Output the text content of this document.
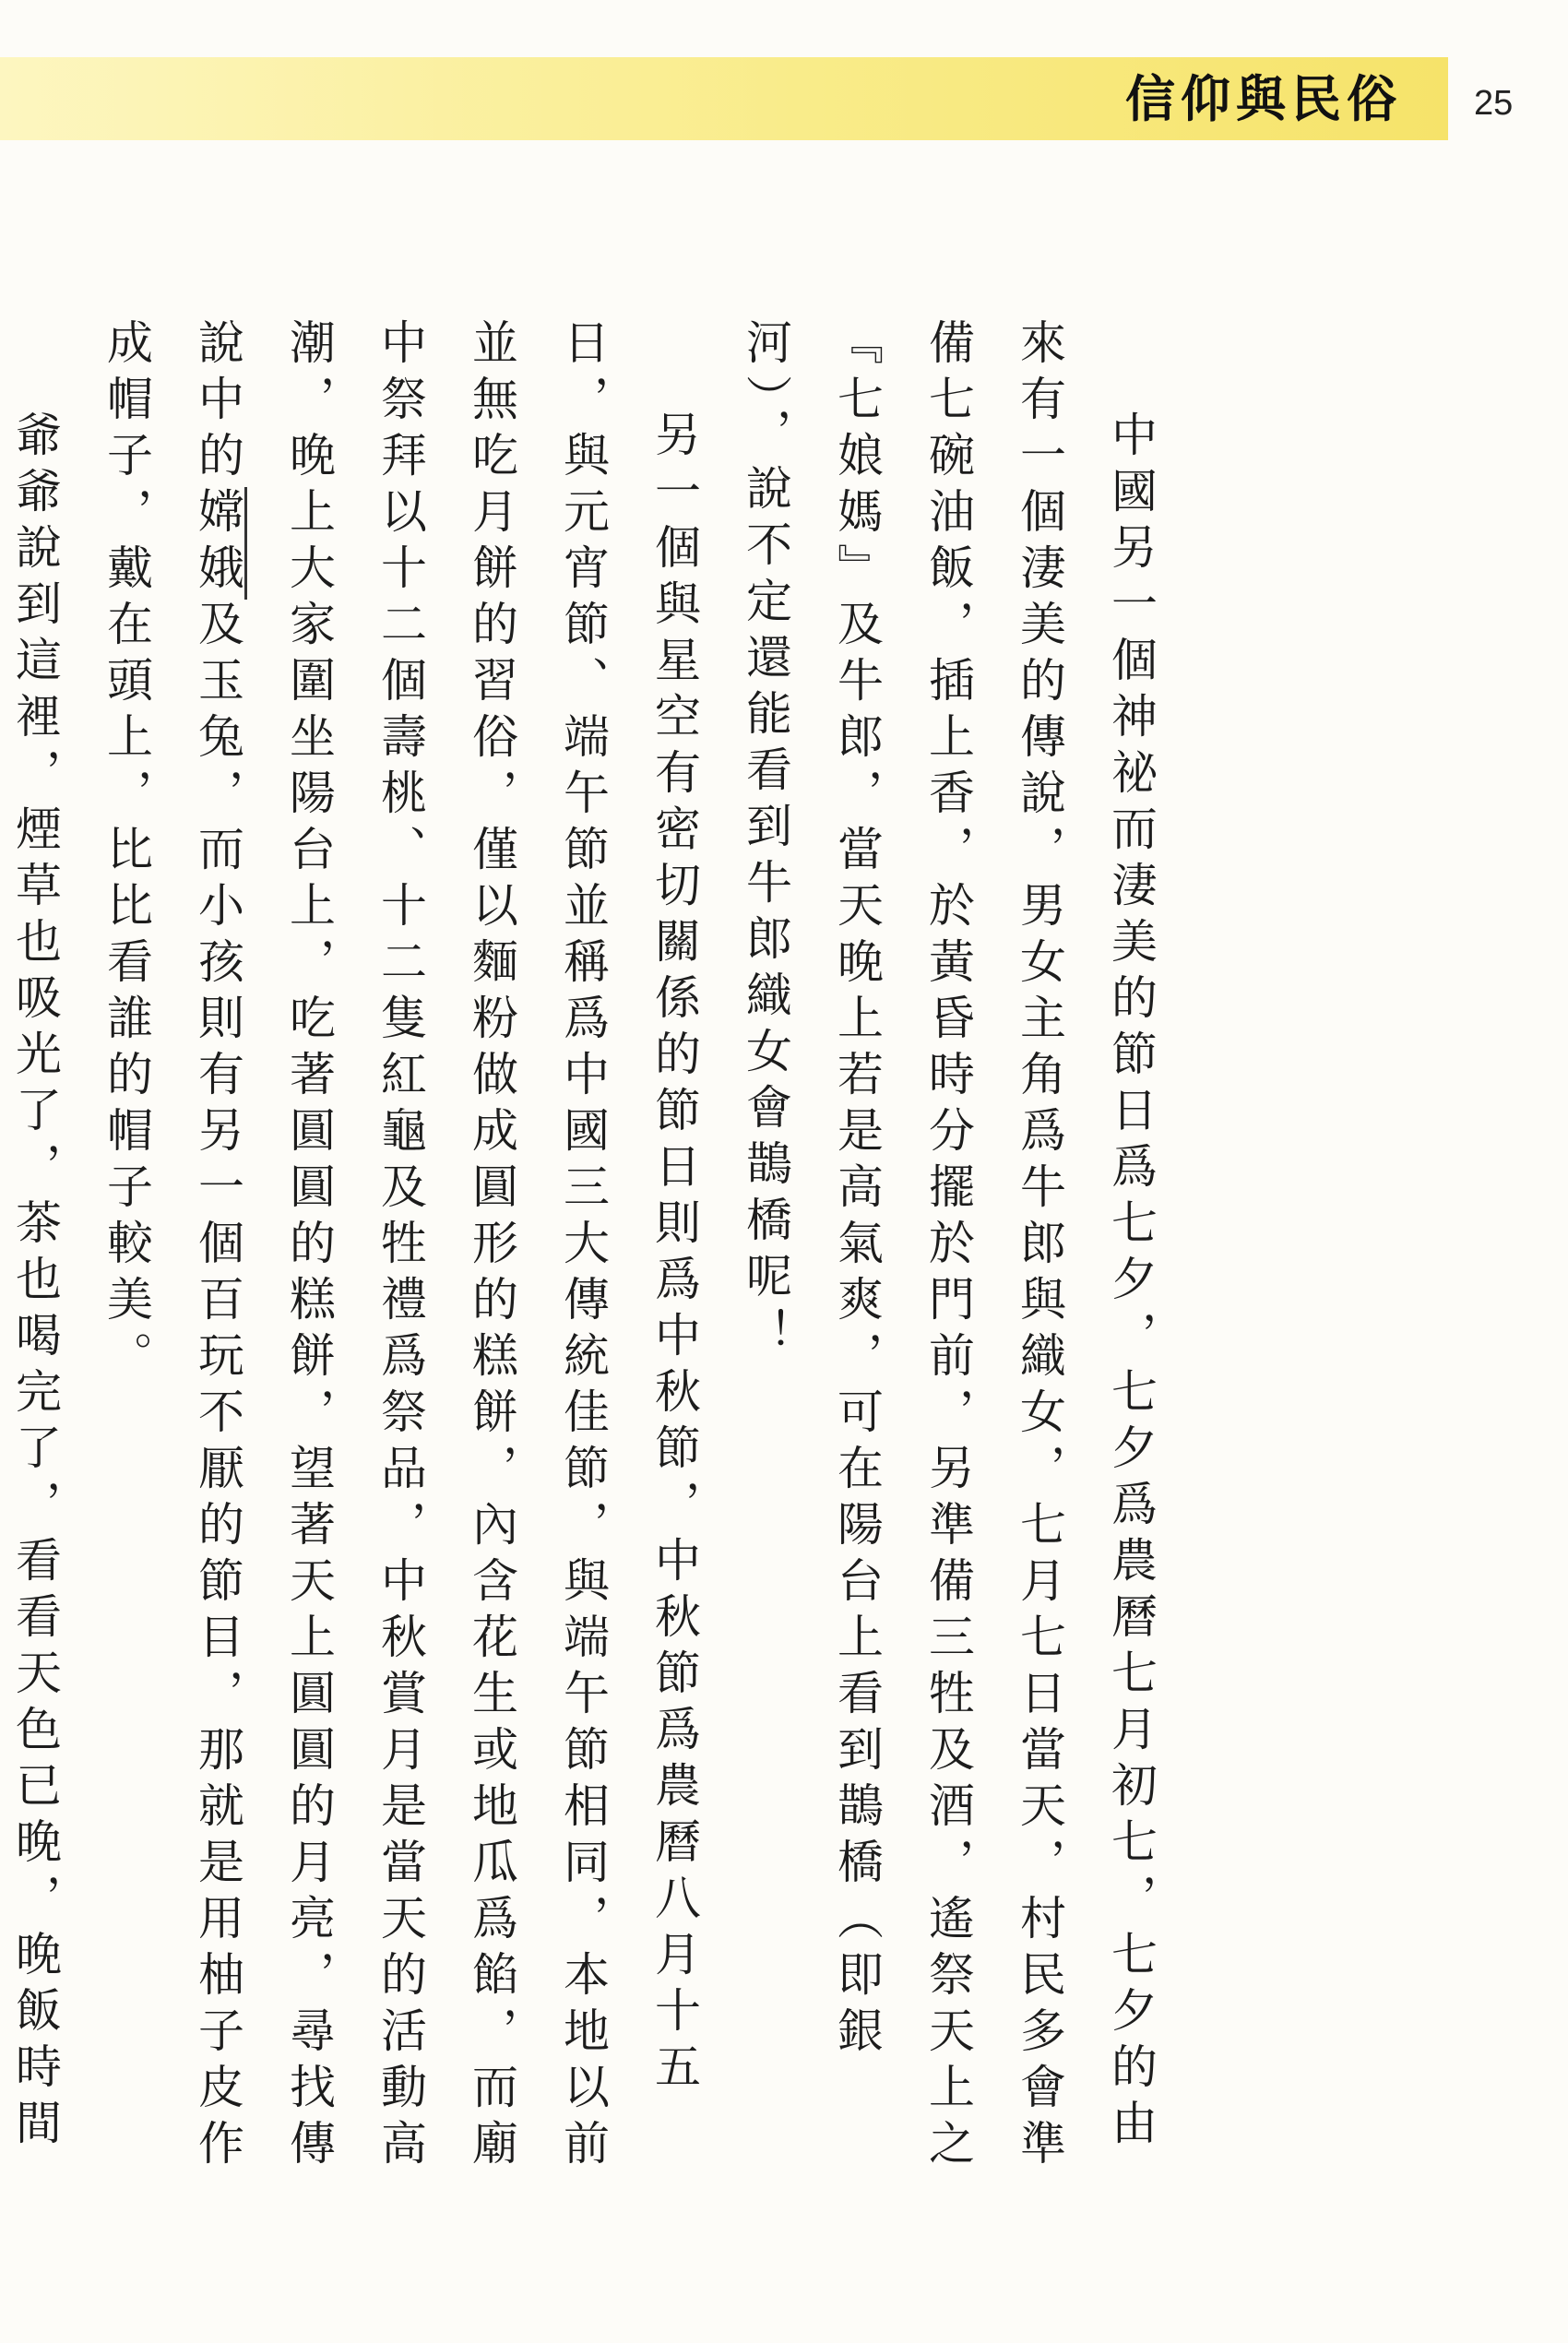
信仰與民俗 25

中國另一個神祕而淒美的節日爲七夕，七夕爲農曆七月初七，七夕的由來有一個淒美的傳說，男女主角爲牛郎與織女，七月七日當天，村民多會準備七碗油飯，插上香，於黃昏時分擺於門前，另準備三牲及酒，遙祭天上之『七娘媽』及牛郎，當天晚上若是高氣爽，可在陽台上看到鵲橋（即銀河），說不定還能看到牛郎織女會鵲橋呢！

另一個與星空有密切關係的節日則爲中秋節，中秋節爲農曆八月十五日，與元宵節、端午節並稱爲中國三大傳統佳節，與端午節相同，本地以前並無吃月餅的習俗，僅以麵粉做成圓形的糕餅，內含花生或地瓜爲餡，而廟中祭拜以十二個壽桃、十二隻紅龜及牲禮爲祭品，中秋賞月是當天的活動高潮，晚上大家圍坐陽台上，吃著圓圓的糕餅，望著天上圓圓的月亮，尋找傳說中的嫦娥及玉兔，而小孩則有另一個百玩不厭的節目，那就是用柚子皮作成帽子，戴在頭上，比比看誰的帽子較美。

爺爺說到這裡，煙草也吸光了，茶也喝完了，看看天色已晚，晚飯時間
